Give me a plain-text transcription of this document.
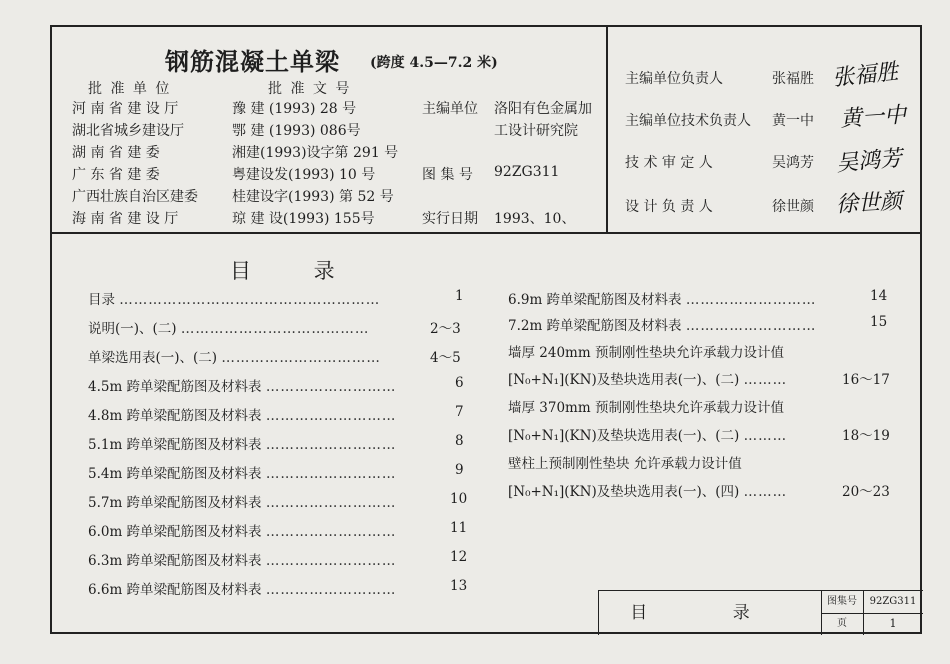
钢筋混凝土单梁 (跨度 4.5—7.2 米)
批 准 单 位	批 准 文 号
河 南 省 建 设 厅	豫 建 (1993) 28 号
湖北省城乡建设厅	鄂 建 (1993) 086号
湖 南 省 建 委	湘建(1993)设字第 291 号
广 东 省 建 委	粤建设发(1993) 10 号
广西壮族自治区建委 桂建设字(1993) 第 52 号
海 南 省 建 设 厅	琼 建 设(1993) 155号
主编单位 洛阳有色金属加
工设计研究院
图 集 号 92ZG311
实行日期 1993、10、
主编单位负责人	张福胜 张福胜
主编单位技术负责人 黄一中 黄一中
技 术 审 定 人	吴鸿芳 吴鸿芳
设 计 负 责 人	徐世颜 徐世颜
目 录
目录 ………………………………………………	1
说明(一)、(二) …………………………………	2～3
单梁选用表(一)、(二) ……………………………	4～5
4.5m 跨单梁配筋图及材料表 ………………………	6
4.8m 跨单梁配筋图及材料表 ………………………	7
5.1m 跨单梁配筋图及材料表 ………………………	8
5.4m 跨单梁配筋图及材料表 ………………………	9
5.7m 跨单梁配筋图及材料表 ………………………	10
6.0m 跨单梁配筋图及材料表 ………………………	11
6.3m 跨单梁配筋图及材料表 ………………………	12
6.6m 跨单梁配筋图及材料表 ………………………	13
6.9m 跨单梁配筋图及材料表 ………………………	14
7.2m 跨单梁配筋图及材料表 ………………………	15
墙厚 240mm 预制刚性垫块允许承载力设计值
[N₀+N₁](KN)及垫块选用表(一)、(二) ………	16～17
墙厚 370mm 预制刚性垫块允许承载力设计值
[N₀+N₁](KN)及垫块选用表(一)、(二) ………	18～19
壁柱上预制刚性垫块 允许承载力设计值
[N₀+N₁](KN)及垫块选用表(一)、(四) ………	20～23
目 录
图集号	92ZG311
页	1
